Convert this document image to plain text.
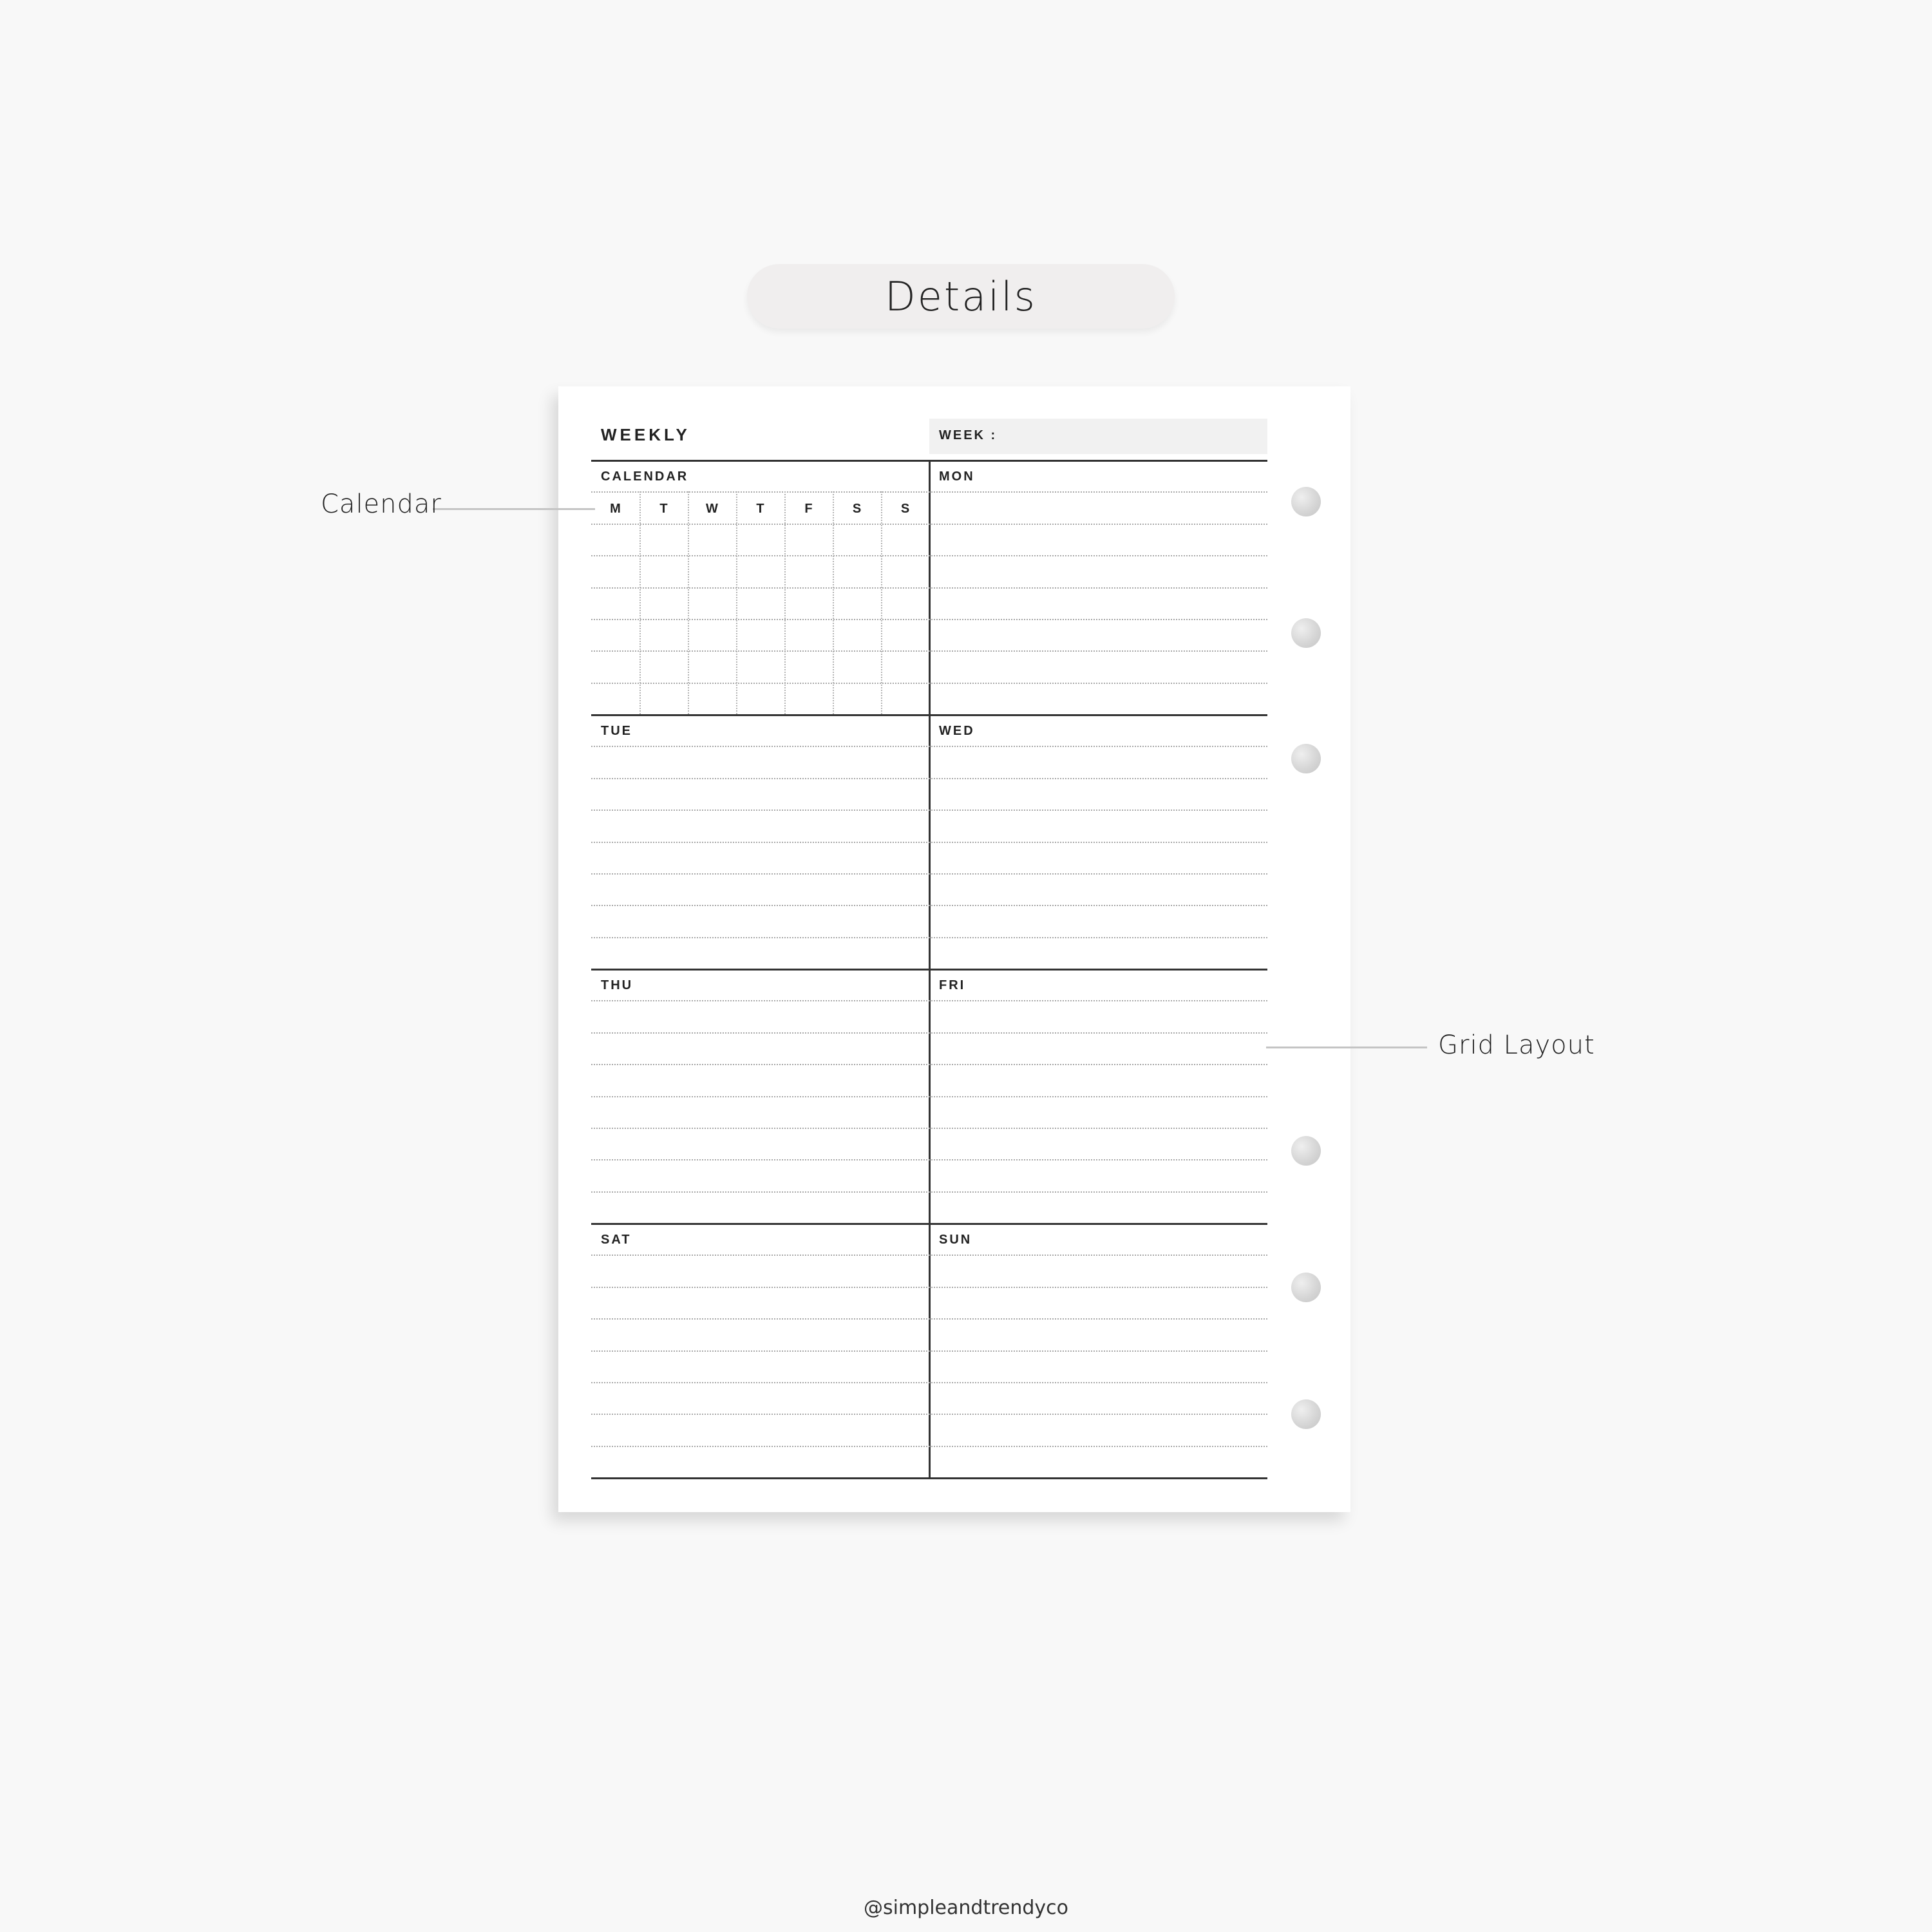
Details
WEEKLY	WEEK :
CALENDAR	MON
TUE	WED
THU	FRI
SAT	SUN
M	T	W	T	F	S	S
Calendar
Grid Layout
@simpleandtrendyco
